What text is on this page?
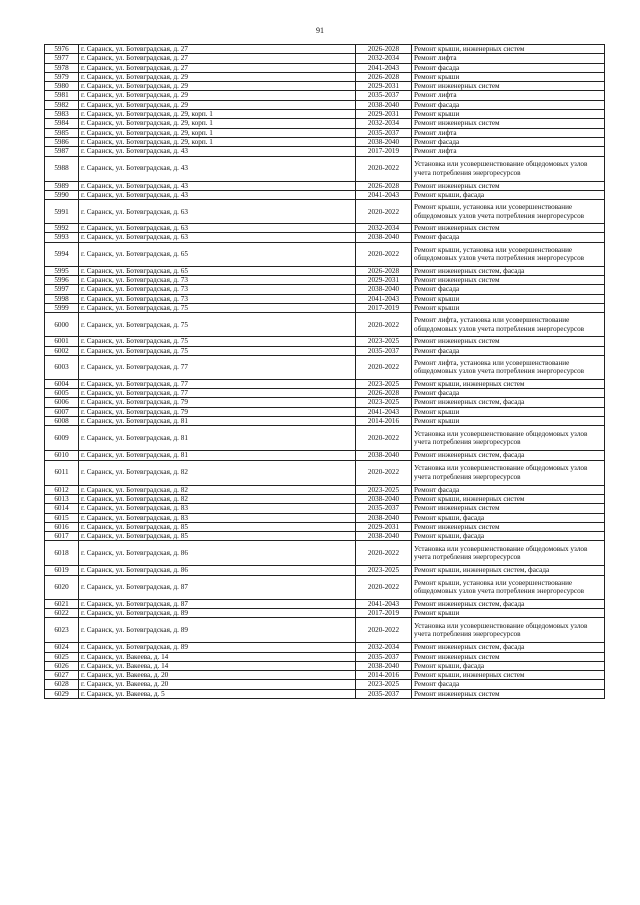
91
5976	г. Саранск, ул. Ботевградская, д. 27	2026-2028	Ремонт крыши, инженерных систем
5977	г. Саранск, ул. Ботевградская, д. 27	2032-2034	Ремонт лифта
5978	г. Саранск, ул. Ботевградская, д. 27	2041-2043	Ремонт фасада
5979	г. Саранск, ул. Ботевградская, д. 29	2026-2028	Ремонт крыши
5980	г. Саранск, ул. Ботевградская, д. 29	2029-2031	Ремонт инженерных систем
5981	г. Саранск, ул. Ботевградская, д. 29	2035-2037	Ремонт лифта
5982	г. Саранск, ул. Ботевградская, д. 29	2038-2040	Ремонт фасада
5983	г. Саранск, ул. Ботевградская, д. 29, корп. 1	2029-2031	Ремонт крыши
5984	г. Саранск, ул. Ботевградская, д. 29, корп. 1	2032-2034	Ремонт инженерных систем
5985	г. Саранск, ул. Ботевградская, д. 29, корп. 1	2035-2037	Ремонт лифта
5986	г. Саранск, ул. Ботевградская, д. 29, корп. 1	2038-2040	Ремонт фасада
5987	г. Саранск, ул. Ботевградская, д. 43	2017-2019	Ремонт лифта
5988	г. Саранск, ул. Ботевградская, д. 43	2020-2022	Установка или усовершенствование общедомовых узлов учета потребления энергоресурсов
5989	г. Саранск, ул. Ботевградская, д. 43	2026-2028	Ремонт инженерных систем
5990	г. Саранск, ул. Ботевградская, д. 43	2041-2043	Ремонт крыши, фасада
5991	г. Саранск, ул. Ботевградская, д. 63	2020-2022	Ремонт крыши, установка или усовершенствование общедомовых узлов учета потребления энергоресурсов
5992	г. Саранск, ул. Ботевградская, д. 63	2032-2034	Ремонт инженерных систем
5993	г. Саранск, ул. Ботевградская, д. 63	2038-2040	Ремонт фасада
5994	г. Саранск, ул. Ботевградская, д. 65	2020-2022	Ремонт крыши, установка или усовершенствование общедомовых узлов учета потребления энергоресурсов
5995	г. Саранск, ул. Ботевградская, д. 65	2026-2028	Ремонт инженерных систем, фасада
5996	г. Саранск, ул. Ботевградская, д. 73	2029-2031	Ремонт инженерных систем
5997	г. Саранск, ул. Ботевградская, д. 73	2038-2040	Ремонт фасада
5998	г. Саранск, ул. Ботевградская, д. 73	2041-2043	Ремонт крыши
5999	г. Саранск, ул. Ботевградская, д. 75	2017-2019	Ремонт крыши
6000	г. Саранск, ул. Ботевградская, д. 75	2020-2022	Ремонт лифта, установка или усовершенствование общедомовых узлов учета потребления энергоресурсов
6001	г. Саранск, ул. Ботевградская, д. 75	2023-2025	Ремонт инженерных систем
6002	г. Саранск, ул. Ботевградская, д. 75	2035-2037	Ремонт фасада
6003	г. Саранск, ул. Ботевградская, д. 77	2020-2022	Ремонт лифта, установка или усовершенствование общедомовых узлов учета потребления энергоресурсов
6004	г. Саранск, ул. Ботевградская, д. 77	2023-2025	Ремонт крыши, инженерных систем
6005	г. Саранск, ул. Ботевградская, д. 77	2026-2028	Ремонт фасада
6006	г. Саранск, ул. Ботевградская, д. 79	2023-2025	Ремонт инженерных систем, фасада
6007	г. Саранск, ул. Ботевградская, д. 79	2041-2043	Ремонт крыши
6008	г. Саранск, ул. Ботевградская, д. 81	2014-2016	Ремонт крыши
6009	г. Саранск, ул. Ботевградская, д. 81	2020-2022	Установка или усовершенствование общедомовых узлов учета потребления энергоресурсов
6010	г. Саранск, ул. Ботевградская, д. 81	2038-2040	Ремонт инженерных систем, фасада
6011	г. Саранск, ул. Ботевградская, д. 82	2020-2022	Установка или усовершенствование общедомовых узлов учета потребления энергоресурсов
6012	г. Саранск, ул. Ботевградская, д. 82	2023-2025	Ремонт фасада
6013	г. Саранск, ул. Ботевградская, д. 82	2038-2040	Ремонт крыши, инженерных систем
6014	г. Саранск, ул. Ботевградская, д. 83	2035-2037	Ремонт инженерных систем
6015	г. Саранск, ул. Ботевградская, д. 83	2038-2040	Ремонт крыши, фасада
6016	г. Саранск, ул. Ботевградская, д. 85	2029-2031	Ремонт инженерных систем
6017	г. Саранск, ул. Ботевградская, д. 85	2038-2040	Ремонт крыши, фасада
6018	г. Саранск, ул. Ботевградская, д. 86	2020-2022	Установка или усовершенствование общедомовых узлов учета потребления энергоресурсов
6019	г. Саранск, ул. Ботевградская, д. 86	2023-2025	Ремонт крыши, инженерных систем, фасада
6020	г. Саранск, ул. Ботевградская, д. 87	2020-2022	Ремонт крыши, установка или усовершенствование общедомовых узлов учета потребления энергоресурсов
6021	г. Саранск, ул. Ботевградская, д. 87	2041-2043	Ремонт инженерных систем, фасада
6022	г. Саранск, ул. Ботевградская, д. 89	2017-2019	Ремонт крыши
6023	г. Саранск, ул. Ботевградская, д. 89	2020-2022	Установка или усовершенствование общедомовых узлов учета потребления энергоресурсов
6024	г. Саранск, ул. Ботевградская, д. 89	2032-2034	Ремонт инженерных систем, фасада
6025	г. Саранск, ул. Вакеева, д. 14	2035-2037	Ремонт инженерных систем
6026	г. Саранск, ул. Вакеева, д. 14	2038-2040	Ремонт крыши, фасада
6027	г. Саранск, ул. Вакеева, д. 20	2014-2016	Ремонт крыши, инженерных систем
6028	г. Саранск, ул. Вакеева, д. 20	2023-2025	Ремонт фасада
6029	г. Саранск, ул. Вакеева, д. 5	2035-2037	Ремонт инженерных систем
